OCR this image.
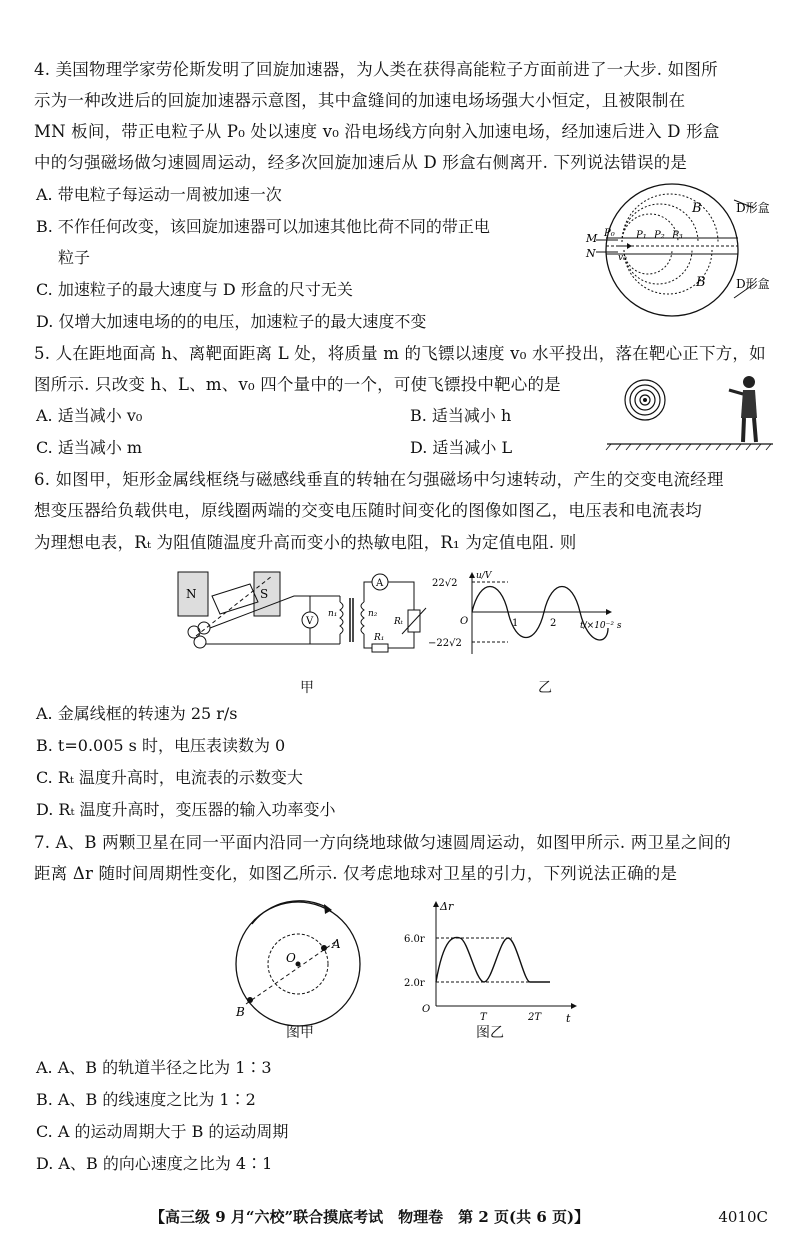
4. 美国物理学家劳伦斯发明了回旋加速器，为人类在获得高能粒子方面前进了一大步. 如图所
示为一种改进后的回旋加速器示意图，其中盒缝间的加速电场场强大小恒定，且被限制在
MN 板间，带正电粒子从 P₀ 处以速度 v₀ 沿电场线方向射入加速电场，经加速后进入 D 形盒
中的匀强磁场做匀速圆周运动，经多次回旋加速后从 D 形盒右侧离开. 下列说法错误的是
A. 带电粒子每运动一周被加速一次
B. 不作任何改变，该回旋加速器可以加速其他比荷不同的带正电
粒子
C. 加速粒子的最大速度与 D 形盒的尺寸无关
D. 仅增大加速电场的的电压，加速粒子的最大速度不变
B
B
D形盒
D形盒
M
N
P₀ P₁ P₂ P₃
v₀
5. 人在距地面高 h、离靶面距离 L 处，将质量 m 的飞镖以速度 v₀ 水平投出，落在靶心正下方，如
图所示. 只改变 h、L、m、v₀ 四个量中的一个，可使飞镖投中靶心的是
A. 适当减小 v₀	B. 适当减小 h
C. 适当减小 m	D. 适当减小 L
6. 如图甲，矩形金属线框绕与磁感线垂直的转轴在匀强磁场中匀速转动，产生的交变电流经理
想变压器给负载供电，原线圈两端的交变电压随时间变化的图像如图乙，电压表和电流表均
为理想电表，Rₜ 为阻值随温度升高而变小的热敏电阻，R₁ 为定值电阻. 则
N	S
V
n₁	n₂
A
Rₜ
R₁
甲
u/V
22√2
−22√2
O	1	2	t/×10⁻² s
乙
A. 金属线框的转速为 25 r/s
B. t=0.005 s 时，电压表读数为 0
C. Rₜ 温度升高时，电流表的示数变大
D. Rₜ 温度升高时，变压器的输入功率变小
7. A、B 两颗卫星在同一平面内沿同一方向绕地球做匀速圆周运动，如图甲所示. 两卫星之间的
距离 Δr 随时间周期性变化，如图乙所示. 仅考虑地球对卫星的引力，下列说法正确的是
O
A
B
图甲
Δr
6.0r
2.0r
O
T	2T t
图乙
A. A、B 的轨道半径之比为 1∶3
B. A、B 的线速度之比为 1∶2
C. A 的运动周期大于 B 的运动周期
D. A、B 的向心速度之比为 4∶1
【高三级 9 月“六校”联合摸底考试　物理卷　第 2 页(共 6 页)】	4010C
